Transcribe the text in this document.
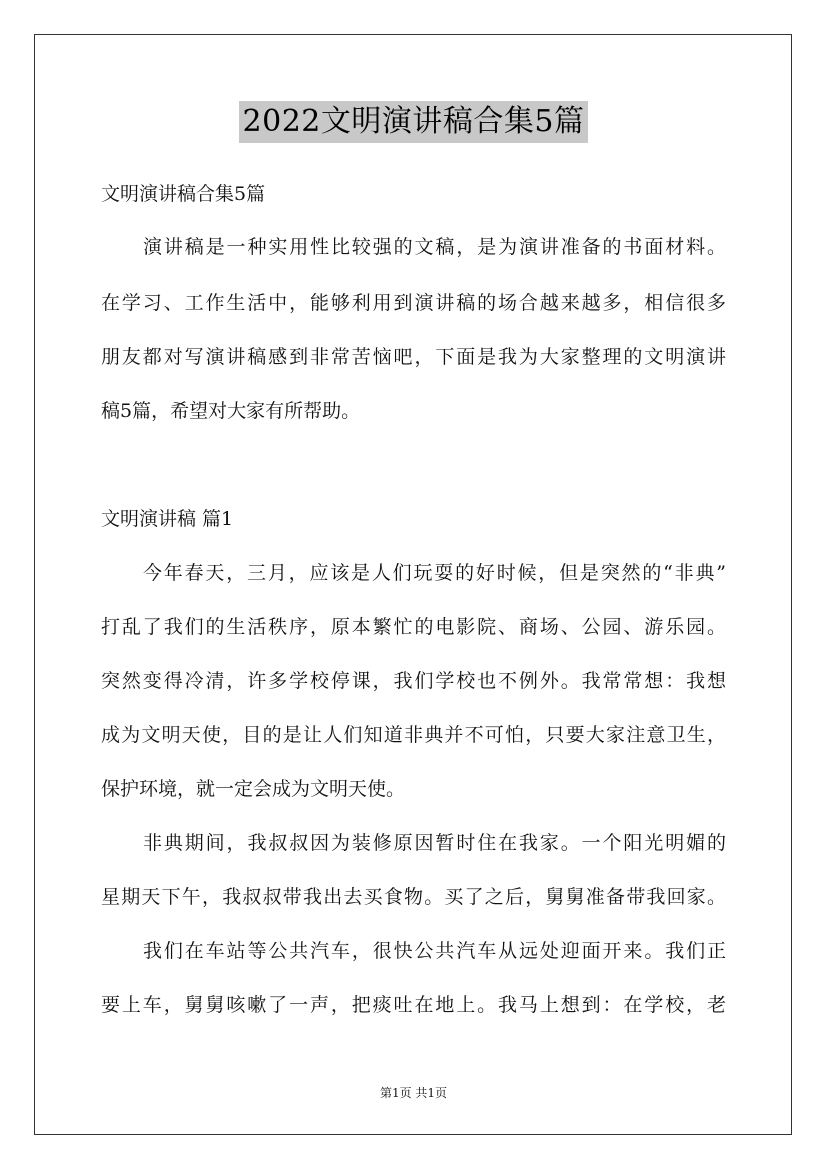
2022文明演讲稿合集5篇
文明演讲稿合集5篇
演讲稿是一种实用性比较强的文稿，是为演讲准备的书面材料。
在学习、工作生活中，能够利用到演讲稿的场合越来越多，相信很多
朋友都对写演讲稿感到非常苦恼吧，下面是我为大家整理的文明演讲
稿5篇，希望对大家有所帮助。
文明演讲稿 篇1
今年春天，三月，应该是人们玩耍的好时候，但是突然的“非典”
打乱了我们的生活秩序，原本繁忙的电影院、商场、公园、游乐园。
突然变得冷清，许多学校停课，我们学校也不例外。我常常想：我想
成为文明天使，目的是让人们知道非典并不可怕，只要大家注意卫生，
保护环境，就一定会成为文明天使。
非典期间，我叔叔因为装修原因暂时住在我家。一个阳光明媚的
星期天下午，我叔叔带我出去买食物。买了之后，舅舅准备带我回家。
我们在车站等公共汽车，很快公共汽车从远处迎面开来。我们正
要上车，舅舅咳嗽了一声，把痰吐在地上。我马上想到：在学校，老
第1页 共1页
